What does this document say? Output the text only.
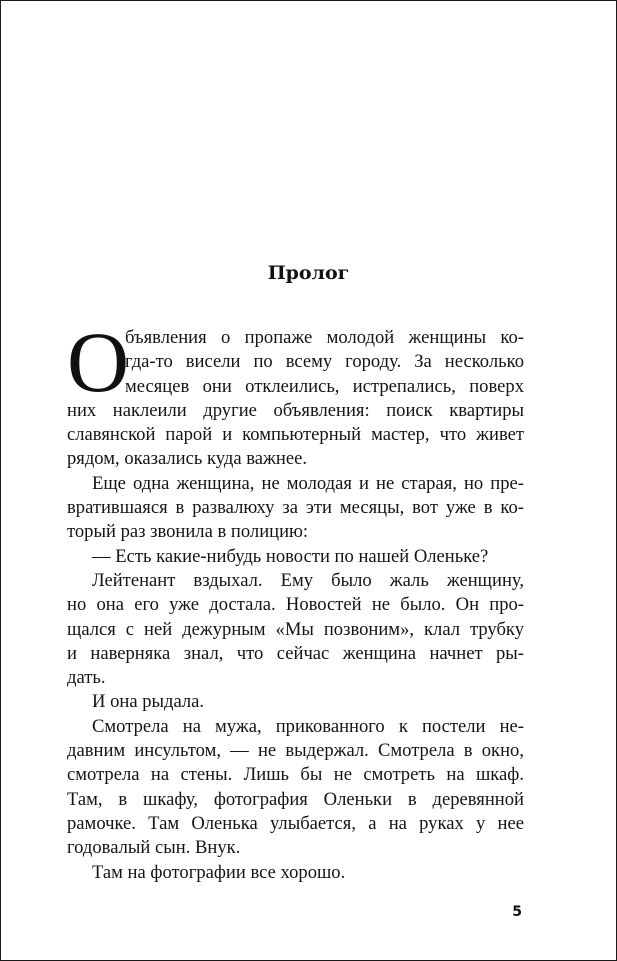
Пролог
О
бъявления о пропаже молодой женщины ко-
гда-то висели по всему городу. За несколько
месяцев они отклеились, истрепались, поверх
них наклеили другие объявления: поиск квартиры
славянской парой и компьютерный мастер, что живет
рядом, оказались куда важнее.
Еще одна женщина, не молодая и не старая, но пре-
вратившаяся в развалюху за эти месяцы, вот уже в ко-
торый раз звонила в полицию:
— Есть какие-нибудь новости по нашей Оленьке?
Лейтенант вздыхал. Ему было жаль женщину,
но она его уже достала. Новостей не было. Он про-
щался с ней дежурным «Мы позвоним», клал трубку
и наверняка знал, что сейчас женщина начнет ры-
дать.
И она рыдала.
Смотрела на мужа, прикованного к постели не-
давним инсультом, — не выдержал. Смотрела в окно,
смотрела на стены. Лишь бы не смотреть на шкаф.
Там, в шкафу, фотография Оленьки в деревянной
рамочке. Там Оленька улыбается, а на руках у нее
годовалый сын. Внук.
Там на фотографии все хорошо.
5
